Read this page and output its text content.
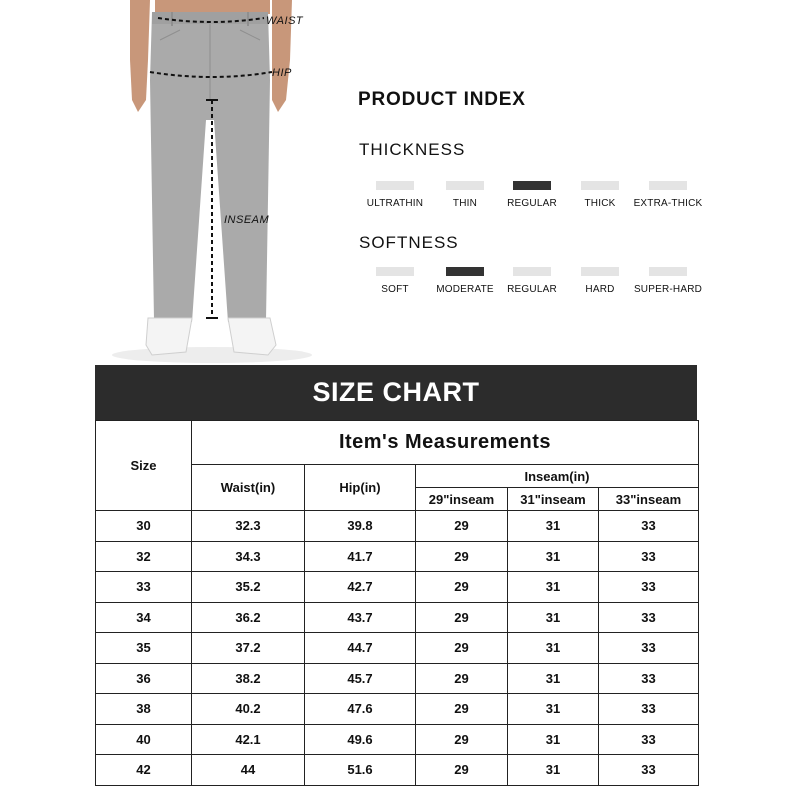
WAIST
HIP
INSEAM
PRODUCT INDEX
THICKNESS
ULTRATHIN	THIN	REGULAR	THICK	EXTRA-THICK
SOFTNESS
SOFT	MODERATE	REGULAR	HARD	SUPER-HARD
SIZE CHART
Size	Item's Measurements				
	Waist(in)	Hip(in)	Inseam(in)		
			29"inseam	31"inseam	33"inseam
30	32.3	39.8	29	31	33
32	34.3	41.7	29	31	33
33	35.2	42.7	29	31	33
34	36.2	43.7	29	31	33
35	37.2	44.7	29	31	33
36	38.2	45.7	29	31	33
38	40.2	47.6	29	31	33
40	42.1	49.6	29	31	33
42	44	51.6	29	31	33
